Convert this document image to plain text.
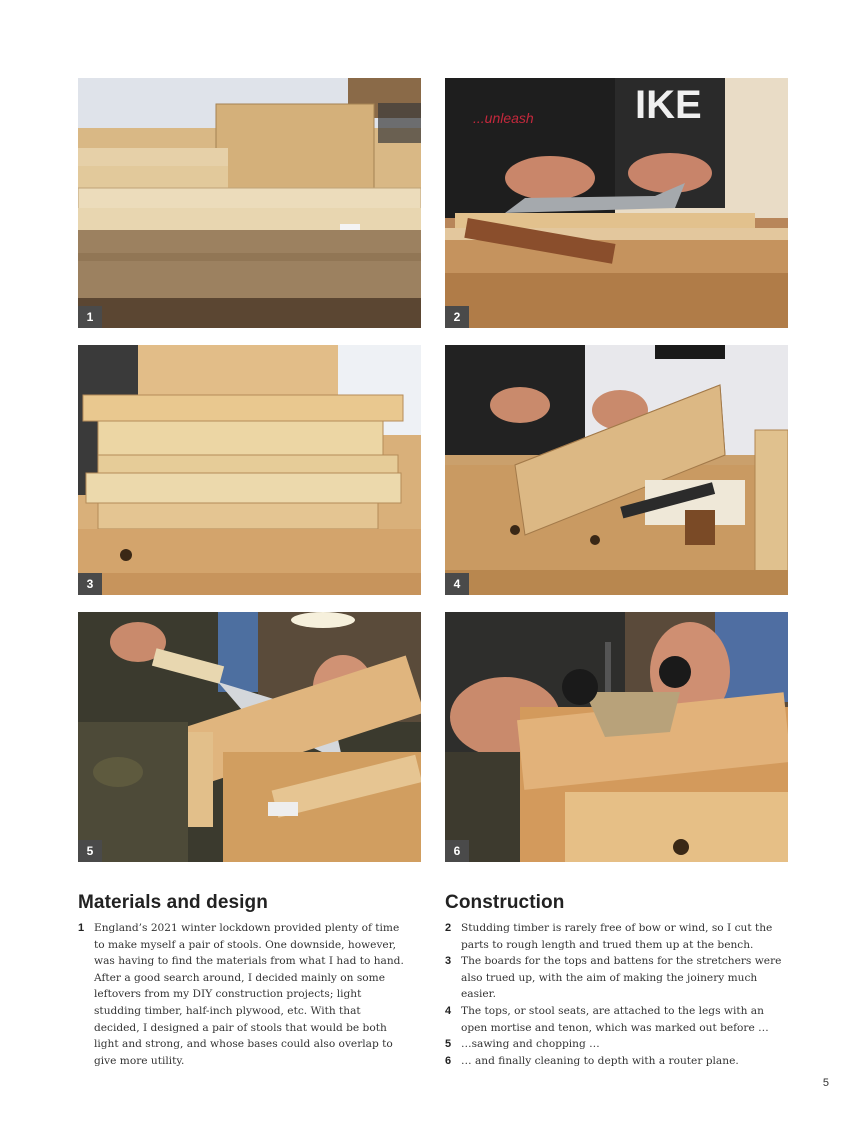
1
...unleash	IKE
2
3	4
5	6
Materials and design
1 England’s 2021 winter lockdown provided plenty of time to make myself a pair of stools. One downside, however, was having to find the materials from what I had to hand. After a good search around, I decided mainly on some leftovers from my DIY construction projects; light studding timber, half-inch plywood, etc. With that decided, I designed a pair of stools that would be both light and strong, and whose bases could also overlap to give more utility.
Construction
2 Studding timber is rarely free of bow or wind, so I cut the parts to rough length and trued them up at the bench.
3 The boards for the tops and battens for the stretchers were also trued up, with the aim of making the joinery much easier.
4 The tops, or stool seats, are attached to the legs with an open mortise and tenon, which was marked out before …
5 …sawing and chopping …
6 … and finally cleaning to depth with a router plane.
5
